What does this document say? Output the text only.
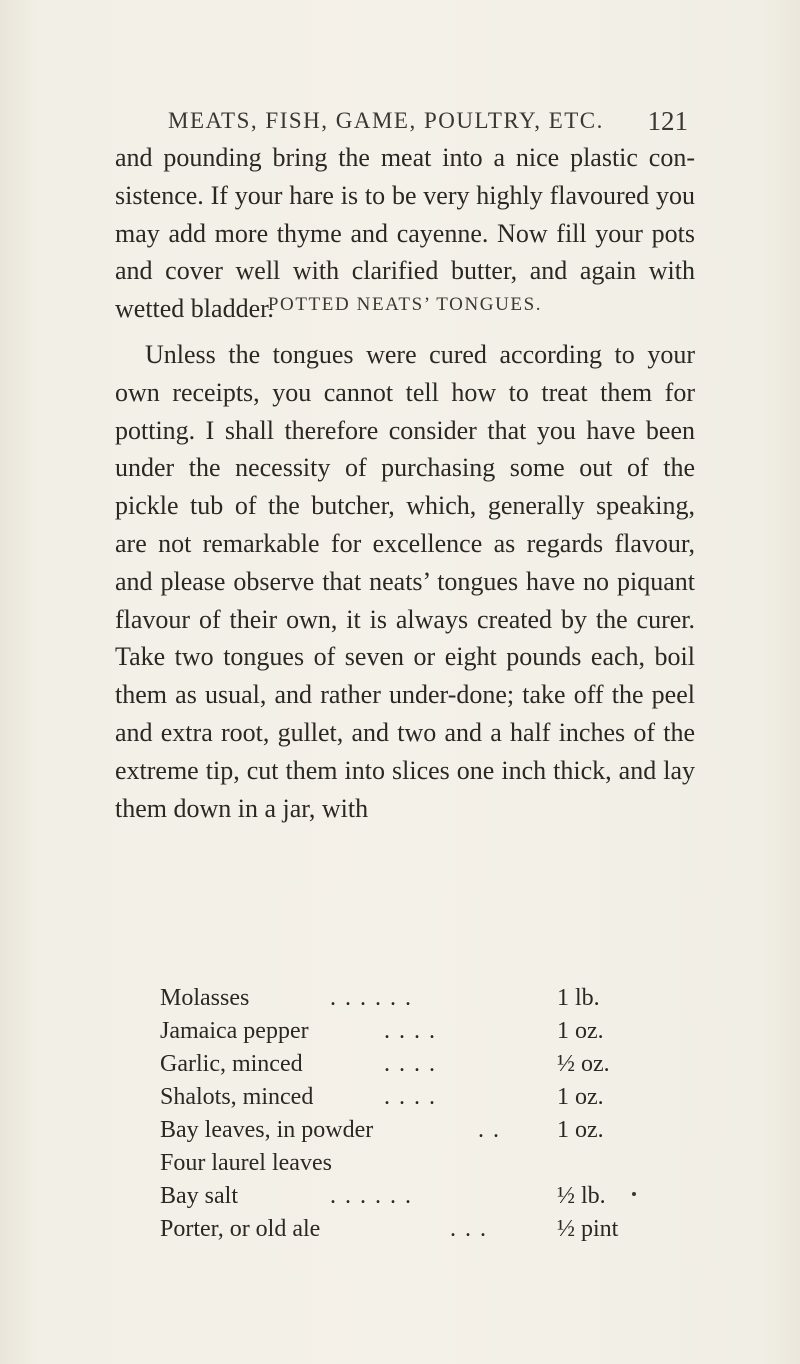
MEATS, FISH, GAME, POULTRY, ETC. 121

and pounding bring the meat into a nice plastic con-sistence. If your hare is to be very highly flavoured you may add more thyme and cayenne. Now fill your pots and cover well with clarified butter, and again with wetted bladder.

POTTED NEATS’ TONGUES.

Unless the tongues were cured according to your own receipts, you cannot tell how to treat them for potting. I shall therefore consider that you have been under the necessity of purchasing some out of the pickle tub of the butcher, which, generally speaking, are not remarkable for excellence as regards flavour, and please observe that neats’ tongues have no piquant flavour of their own, it is always created by the curer. Take two tongues of seven or eight pounds each, boil them as usual, and rather under-done; take off the peel and extra root, gullet, and two and a half inches of the extreme tip, cut them into slices one inch thick, and lay them down in a jar, with

Molasses	......	1 lb.
Jamaica pepper	....	1 oz.
Garlic, minced	....	½ oz.
Shalots, minced	....	1 oz.
Bay leaves, in powder	.. 1 oz.
Four laurel leaves
Bay salt	......	½ lb.
Porter, or old ale	...	½ pint
